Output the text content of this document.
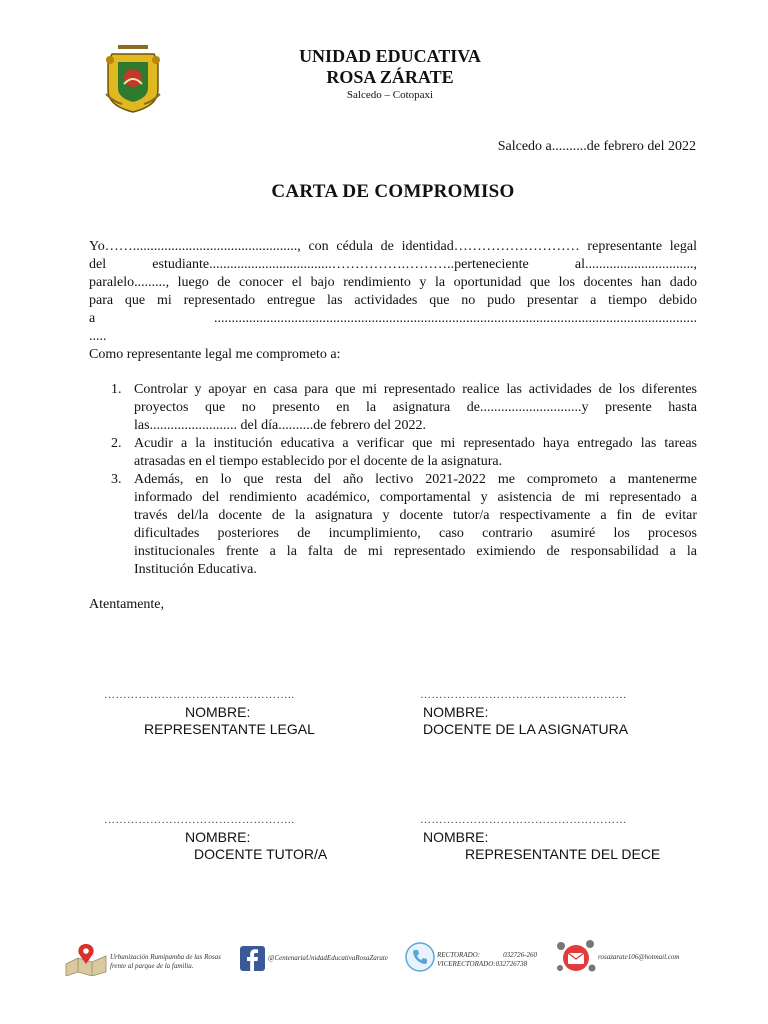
UNIDAD EDUCATIVA
ROSA ZÁRATE
Salcedo – Cotopaxi
Salcedo a..........de febrero del 2022
CARTA DE COMPROMISO
Yo……..............................................., con cédula de identidad……………………… representante legal
del estudiante...................................…………….………..perteneciente al...............................,
paralelo........., luego de conocer el bajo rendimiento y la oportunidad que los docentes han dado
para que mi representado entregue las actividades que no pudo presentar a tiempo debido
a ..........................................................................................................................................
.....
Como representante legal me comprometo a:
1. Controlar y apoyar en casa para que mi representado realice las actividades de los diferentes
proyectos que no presento en la asignatura de.............................y presente hasta
las......................... del día..........de febrero del 2022.
2. Acudir a la institución educativa a verificar que mi representado haya entregado las tareas
atrasadas en el tiempo establecido por el docente de la asignatura.
3. Además, en lo que resta del año lectivo 2021-2022 me comprometo a mantenerme
informado del rendimiento académico, comportamental y asistencia de mi representado a
través del/la docente de la asignatura y docente tutor/a respectivamente a fin de evitar
dificultades posteriores de incumplimiento, caso contrario asumiré los procesos
institucionales frente a la falta de mi representado eximiendo de responsabilidad a la
Institución Educativa.
Atentamente,
…………………………………………..
NOMBRE:
REPRESENTANTE LEGAL
………………………………………………
NOMBRE:
DOCENTE DE LA ASIGNATURA
…………………………………………..
NOMBRE:
DOCENTE TUTOR/A
………………………………………………
NOMBRE:
REPRESENTANTE DEL DECE
Urbanización Rumipamba de las Rosas
frente al parque de la familia.
@CentenariaUnidadEducativaRosaZarate	RECTORADO:	032726-260
VICERECTORADO:032726738
rosazarate106@hotmail.com
